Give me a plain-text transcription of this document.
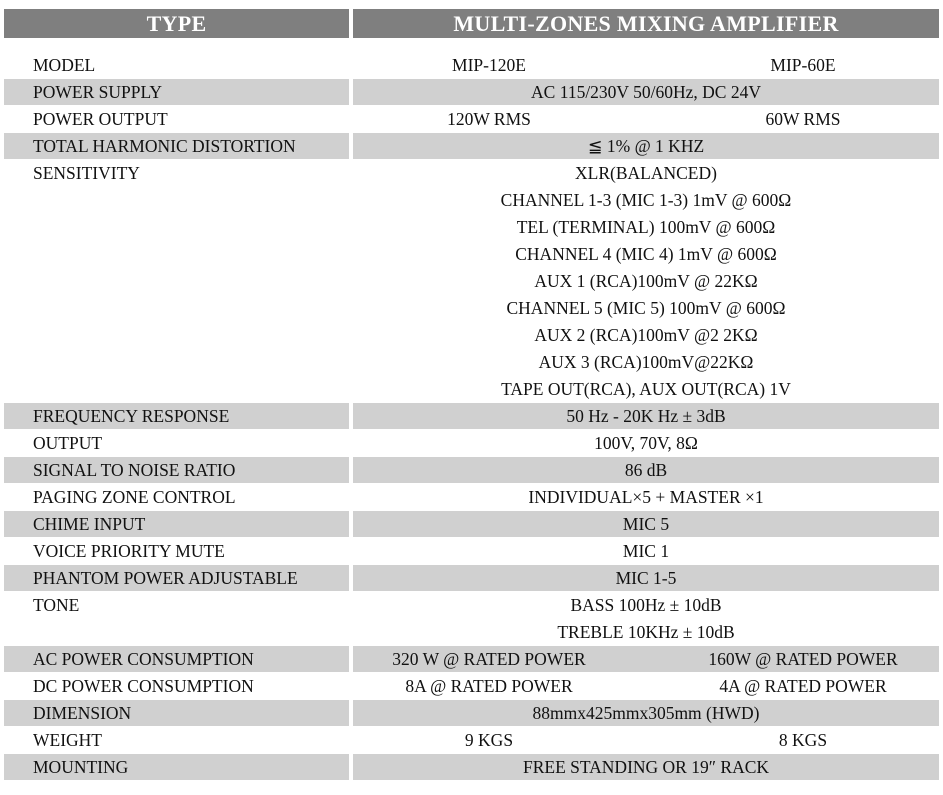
TYPE	MULTI-ZONES MIXING AMPLIFIER
MODEL	MIP-120E	MIP-60E
POWER SUPPLY	AC 115/230V 50/60Hz, DC 24V
POWER OUTPUT	120W RMS	60W RMS
TOTAL HARMONIC DISTORTION	≦ 1% @ 1 KHZ
SENSITIVITY	XLR(BALANCED)
CHANNEL 1-3 (MIC 1-3) 1mV @ 600Ω
TEL (TERMINAL) 100mV @ 600Ω
CHANNEL 4 (MIC 4) 1mV @ 600Ω
AUX 1 (RCA)100mV @ 22KΩ
CHANNEL 5 (MIC 5) 100mV @ 600Ω
AUX 2 (RCA)100mV @2 2KΩ
AUX 3 (RCA)100mV@22KΩ
TAPE OUT(RCA), AUX OUT(RCA) 1V
FREQUENCY RESPONSE	50 Hz - 20K Hz ± 3dB
OUTPUT	100V, 70V, 8Ω
SIGNAL TO NOISE RATIO	86 dB
PAGING ZONE CONTROL	INDIVIDUAL×5 + MASTER ×1
CHIME INPUT	MIC 5
VOICE PRIORITY MUTE	MIC 1
PHANTOM POWER ADJUSTABLE	MIC 1-5
TONE	BASS 100Hz ± 10dB
TREBLE 10KHz ± 10dB
AC POWER CONSUMPTION	320 W @ RATED POWER	160W @ RATED POWER
DC POWER CONSUMPTION	8A @ RATED POWER	4A @ RATED POWER
DIMENSION	88mmx425mmx305mm (HWD)
WEIGHT	9 KGS	8 KGS
MOUNTING	FREE STANDING OR 19″ RACK
